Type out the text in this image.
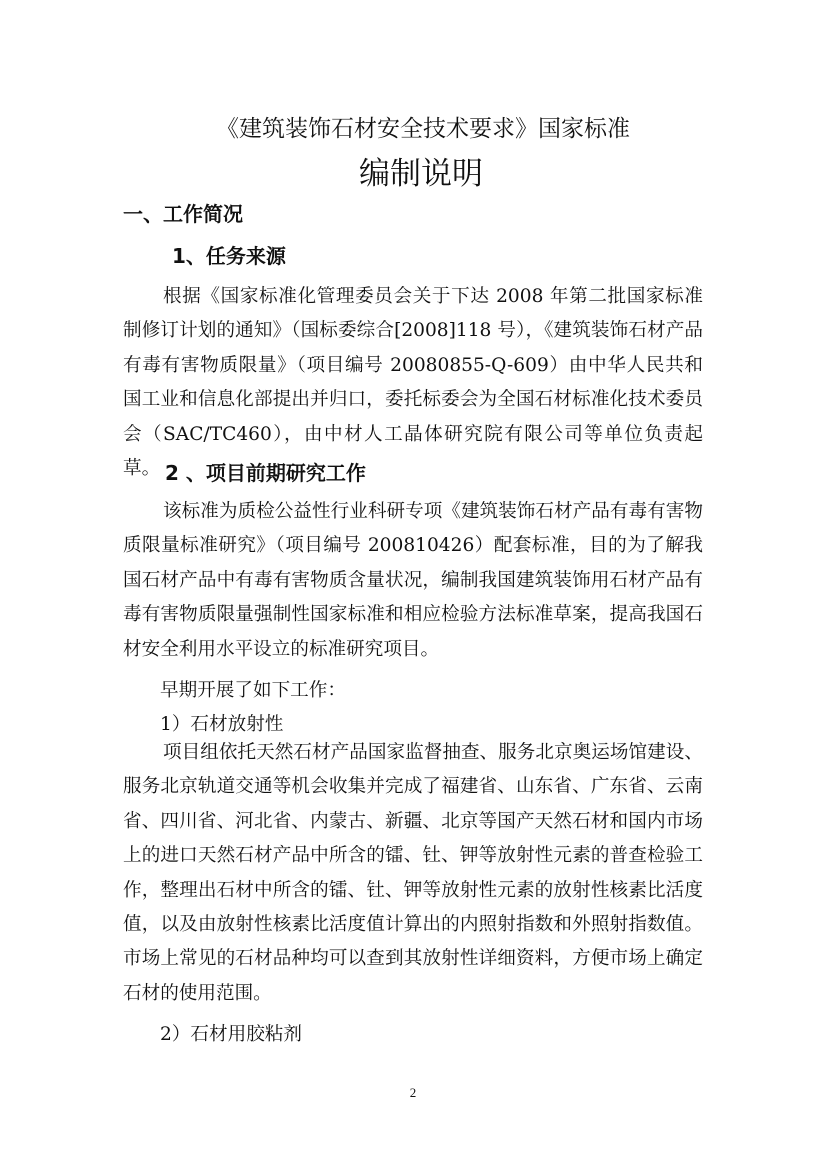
《建筑装饰石材安全技术要求》国家标准
编制说明
一、工作简况
1、任务来源
根据《国家标准化管理委员会关于下达 2008 年第二批国家标准制修订计划的通知》（国标委综合[2008]118 号），《建筑装饰石材产品有毒有害物质限量》（项目编号 20080855-Q-609）由中华人民共和国工业和信息化部提出并归口，委托标委会为全国石材标准化技术委员会（SAC/TC460），由中材人工晶体研究院有限公司等单位负责起草。 2 、项目前期研究工作
该标准为质检公益性行业科研专项《建筑装饰石材产品有毒有害物质限量标准研究》（项目编号 200810426）配套标准，目的为了解我国石材产品中有毒有害物质含量状况，编制我国建筑装饰用石材产品有毒有害物质限量强制性国家标准和相应检验方法标准草案，提高我国石材安全利用水平设立的标准研究项目。
早期开展了如下工作：
1）石材放射性
项目组依托天然石材产品国家监督抽查、服务北京奥运场馆建设、服务北京轨道交通等机会收集并完成了福建省、山东省、广东省、云南省、四川省、河北省、内蒙古、新疆、北京等国产天然石材和国内市场上的进口天然石材产品中所含的镭、钍、钾等放射性元素的普查检验工作，整理出石材中所含的镭、钍、钾等放射性元素的放射性核素比活度值，以及由放射性核素比活度值计算出的内照射指数和外照射指数值。市场上常见的石材品种均可以查到其放射性详细资料，方便市场上确定石材的使用范围。
2）石材用胶粘剂
2
